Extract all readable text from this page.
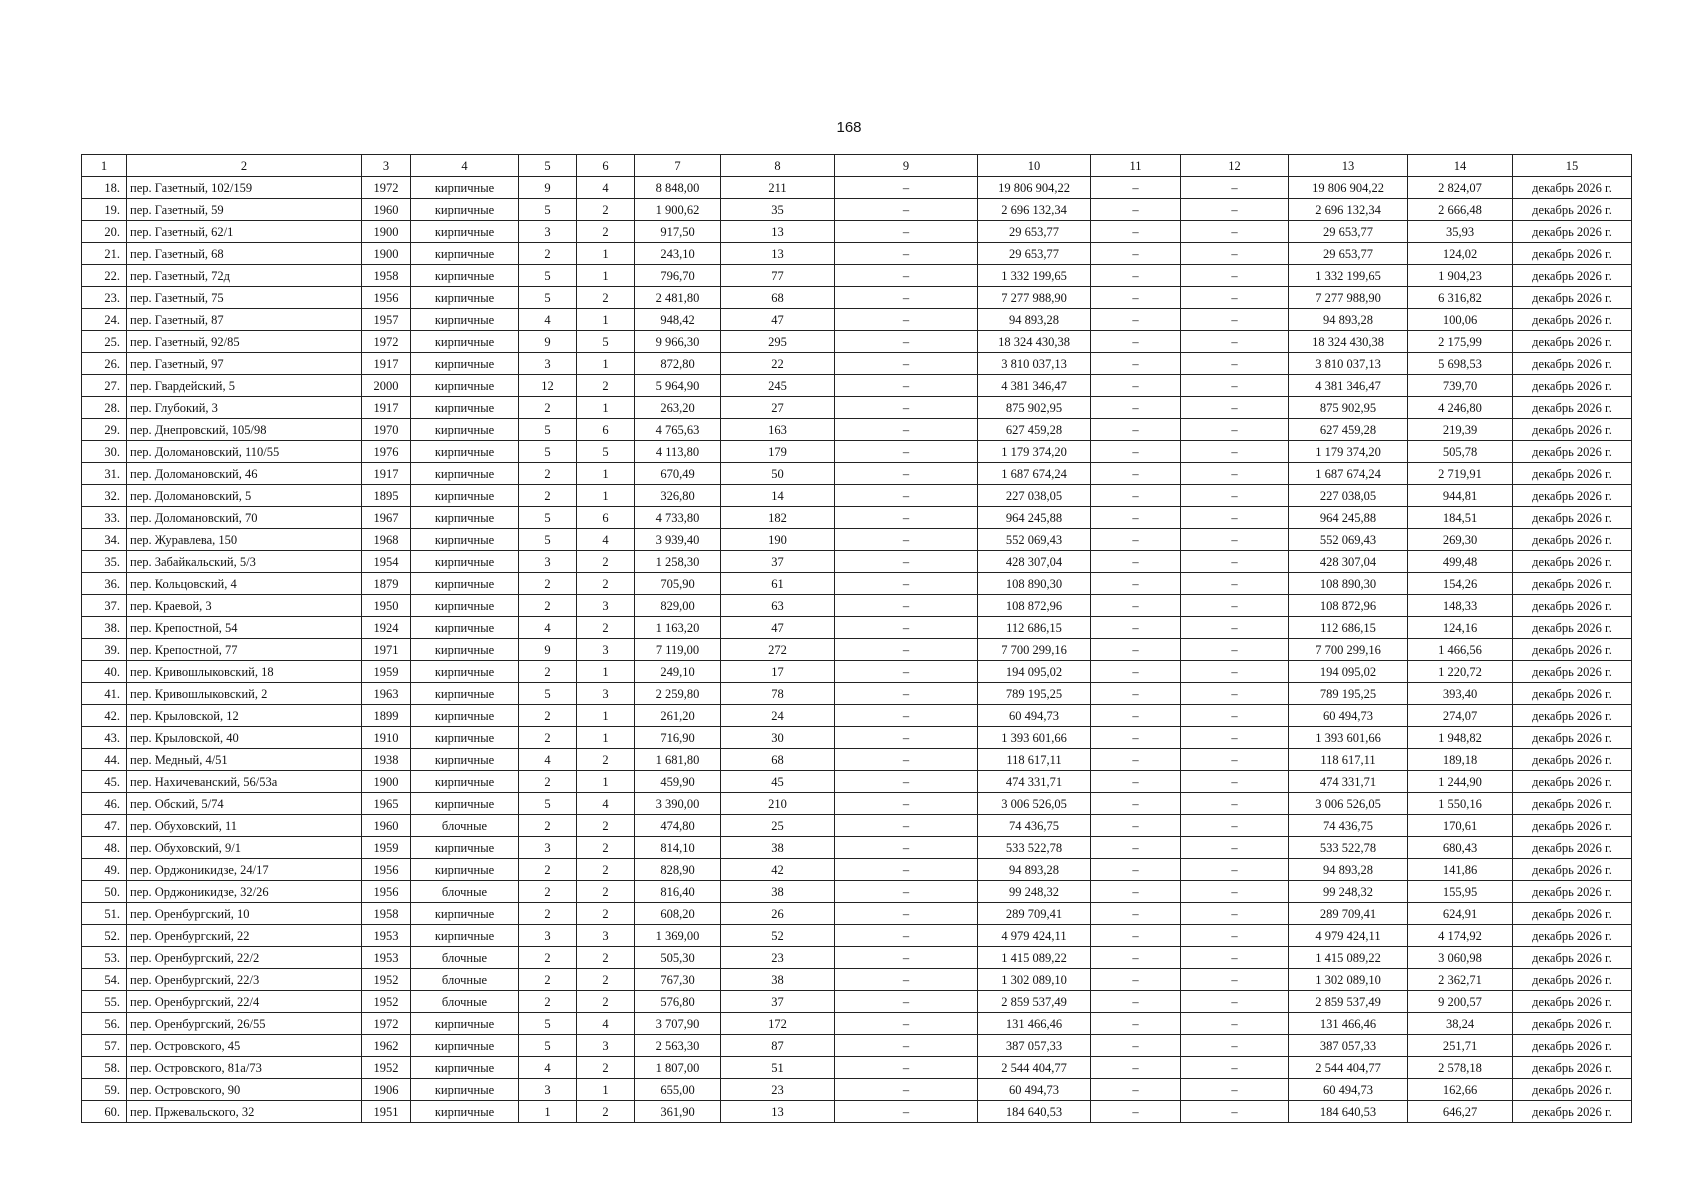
168
1	2	3	4	5	6	7	8	9	10	11	12	13	14	15
18.	пер. Газетный, 102/159	1972	кирпичные	9	4	8 848,00	211	–	19 806 904,22	–	–	19 806 904,22	2 824,07	декабрь 2026 г.
19.	пер. Газетный, 59	1960	кирпичные	5	2	1 900,62	35	–	2 696 132,34	–	–	2 696 132,34	2 666,48	декабрь 2026 г.
20.	пер. Газетный, 62/1	1900	кирпичные	3	2	917,50	13	–	29 653,77	–	–	29 653,77	35,93	декабрь 2026 г.
21.	пер. Газетный, 68	1900	кирпичные	2	1	243,10	13	–	29 653,77	–	–	29 653,77	124,02	декабрь 2026 г.
22.	пер. Газетный, 72д	1958	кирпичные	5	1	796,70	77	–	1 332 199,65	–	–	1 332 199,65	1 904,23	декабрь 2026 г.
23.	пер. Газетный, 75	1956	кирпичные	5	2	2 481,80	68	–	7 277 988,90	–	–	7 277 988,90	6 316,82	декабрь 2026 г.
24.	пер. Газетный, 87	1957	кирпичные	4	1	948,42	47	–	94 893,28	–	–	94 893,28	100,06	декабрь 2026 г.
25.	пер. Газетный, 92/85	1972	кирпичные	9	5	9 966,30	295	–	18 324 430,38	–	–	18 324 430,38	2 175,99	декабрь 2026 г.
26.	пер. Газетный, 97	1917	кирпичные	3	1	872,80	22	–	3 810 037,13	–	–	3 810 037,13	5 698,53	декабрь 2026 г.
27.	пер. Гвардейский, 5	2000	кирпичные	12	2	5 964,90	245	–	4 381 346,47	–	–	4 381 346,47	739,70	декабрь 2026 г.
28.	пер. Глубокий, 3	1917	кирпичные	2	1	263,20	27	–	875 902,95	–	–	875 902,95	4 246,80	декабрь 2026 г.
29.	пер. Днепровский, 105/98	1970	кирпичные	5	6	4 765,63	163	–	627 459,28	–	–	627 459,28	219,39	декабрь 2026 г.
30.	пер. Доломановский, 110/55	1976	кирпичные	5	5	4 113,80	179	–	1 179 374,20	–	–	1 179 374,20	505,78	декабрь 2026 г.
31.	пер. Доломановский, 46	1917	кирпичные	2	1	670,49	50	–	1 687 674,24	–	–	1 687 674,24	2 719,91	декабрь 2026 г.
32.	пер. Доломановский, 5	1895	кирпичные	2	1	326,80	14	–	227 038,05	–	–	227 038,05	944,81	декабрь 2026 г.
33.	пер. Доломановский, 70	1967	кирпичные	5	6	4 733,80	182	–	964 245,88	–	–	964 245,88	184,51	декабрь 2026 г.
34.	пер. Журавлева, 150	1968	кирпичные	5	4	3 939,40	190	–	552 069,43	–	–	552 069,43	269,30	декабрь 2026 г.
35.	пер. Забайкальский, 5/3	1954	кирпичные	3	2	1 258,30	37	–	428 307,04	–	–	428 307,04	499,48	декабрь 2026 г.
36.	пер. Кольцовский, 4	1879	кирпичные	2	2	705,90	61	–	108 890,30	–	–	108 890,30	154,26	декабрь 2026 г.
37.	пер. Краевой, 3	1950	кирпичные	2	3	829,00	63	–	108 872,96	–	–	108 872,96	148,33	декабрь 2026 г.
38.	пер. Крепостной, 54	1924	кирпичные	4	2	1 163,20	47	–	112 686,15	–	–	112 686,15	124,16	декабрь 2026 г.
39.	пер. Крепостной, 77	1971	кирпичные	9	3	7 119,00	272	–	7 700 299,16	–	–	7 700 299,16	1 466,56	декабрь 2026 г.
40.	пер. Кривошлыковский, 18	1959	кирпичные	2	1	249,10	17	–	194 095,02	–	–	194 095,02	1 220,72	декабрь 2026 г.
41.	пер. Кривошлыковский, 2	1963	кирпичные	5	3	2 259,80	78	–	789 195,25	–	–	789 195,25	393,40	декабрь 2026 г.
42.	пер. Крыловской, 12	1899	кирпичные	2	1	261,20	24	–	60 494,73	–	–	60 494,73	274,07	декабрь 2026 г.
43.	пер. Крыловской, 40	1910	кирпичные	2	1	716,90	30	–	1 393 601,66	–	–	1 393 601,66	1 948,82	декабрь 2026 г.
44.	пер. Медный, 4/51	1938	кирпичные	4	2	1 681,80	68	–	118 617,11	–	–	118 617,11	189,18	декабрь 2026 г.
45.	пер. Нахичеванский, 56/53а	1900	кирпичные	2	1	459,90	45	–	474 331,71	–	–	474 331,71	1 244,90	декабрь 2026 г.
46.	пер. Обский, 5/74	1965	кирпичные	5	4	3 390,00	210	–	3 006 526,05	–	–	3 006 526,05	1 550,16	декабрь 2026 г.
47.	пер. Обуховский, 11	1960	блочные	2	2	474,80	25	–	74 436,75	–	–	74 436,75	170,61	декабрь 2026 г.
48.	пер. Обуховский, 9/1	1959	кирпичные	3	2	814,10	38	–	533 522,78	–	–	533 522,78	680,43	декабрь 2026 г.
49.	пер. Орджоникидзе, 24/17	1956	кирпичные	2	2	828,90	42	–	94 893,28	–	–	94 893,28	141,86	декабрь 2026 г.
50.	пер. Орджоникидзе, 32/26	1956	блочные	2	2	816,40	38	–	99 248,32	–	–	99 248,32	155,95	декабрь 2026 г.
51.	пер. Оренбургский, 10	1958	кирпичные	2	2	608,20	26	–	289 709,41	–	–	289 709,41	624,91	декабрь 2026 г.
52.	пер. Оренбургский, 22	1953	кирпичные	3	3	1 369,00	52	–	4 979 424,11	–	–	4 979 424,11	4 174,92	декабрь 2026 г.
53.	пер. Оренбургский, 22/2	1953	блочные	2	2	505,30	23	–	1 415 089,22	–	–	1 415 089,22	3 060,98	декабрь 2026 г.
54.	пер. Оренбургский, 22/3	1952	блочные	2	2	767,30	38	–	1 302 089,10	–	–	1 302 089,10	2 362,71	декабрь 2026 г.
55.	пер. Оренбургский, 22/4	1952	блочные	2	2	576,80	37	–	2 859 537,49	–	–	2 859 537,49	9 200,57	декабрь 2026 г.
56.	пер. Оренбургский, 26/55	1972	кирпичные	5	4	3 707,90	172	–	131 466,46	–	–	131 466,46	38,24	декабрь 2026 г.
57.	пер. Островского, 45	1962	кирпичные	5	3	2 563,30	87	–	387 057,33	–	–	387 057,33	251,71	декабрь 2026 г.
58.	пер. Островского, 81а/73	1952	кирпичные	4	2	1 807,00	51	–	2 544 404,77	–	–	2 544 404,77	2 578,18	декабрь 2026 г.
59.	пер. Островского, 90	1906	кирпичные	3	1	655,00	23	–	60 494,73	–	–	60 494,73	162,66	декабрь 2026 г.
60.	пер. Пржевальского, 32	1951	кирпичные	1	2	361,90	13	–	184 640,53	–	–	184 640,53	646,27	декабрь 2026 г.
